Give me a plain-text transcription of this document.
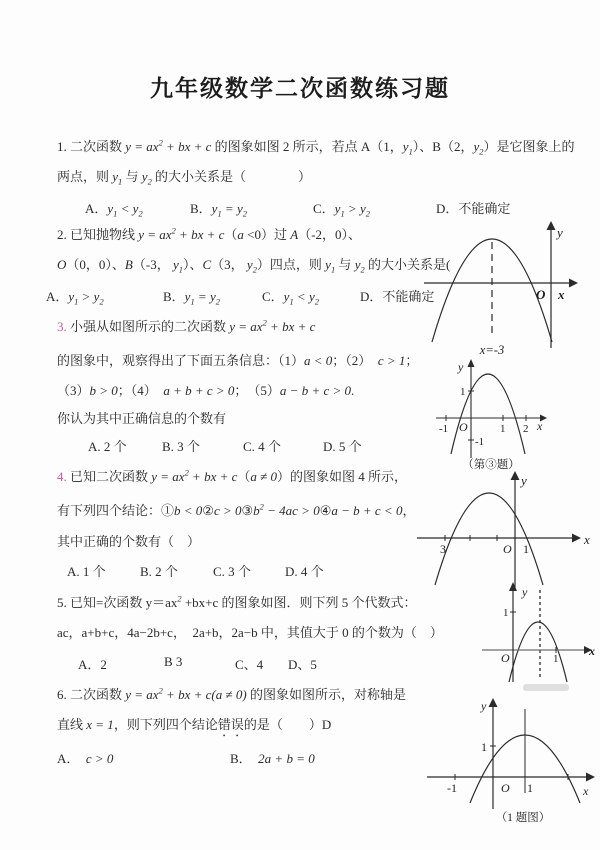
九年级数学二次函数练习题
1. 二次函数 $y = ax^2$ + bx + c 的图象如图 2 所示，若点 A（1，$y_1$）、B（2，$y_2$）是它图象上的
两点，则 $y_1$ 与 $y_2$ 的大小关系是（　　　　）
A．$y_1 < y_2$	B．$y_1 = y_2$	C．$y_1 > y_2$	D．不能确定
2. 已知抛物线 $y = ax^2$ + bx + c（a <0）过 A（-2，0）、
O（0，0）、B（-3， $y_1$）、C（3， $y_2$）四点，则 $y_1$ 与 $y_2$ 的大小关系是(
A．$y_1 > y_2$	B．$y_1 = y_2$	C．$y_1 < y_2$	D．不能确定
3. 小强从如图所示的二次函数 $y = ax^2$ + bx + c
的图象中，观察得出了下面五条信息：（1）a < 0；（2）　c > 1；
（3）b > 0；（4）　a + b + c > 0；　（5）a − b + c > 0.
你认为其中正确信息的个数有
A. 2 个	B. 3 个	C. 4 个	D. 5 个
4. 已知二次函数 $y = ax^2$ + bx + c（a ≠ 0）的图象如图 4 所示，
有下列四个结论：①b < 0②c > $0③b^2 - 4ac$ > 0④a − b + c < 0，
其中正确的个数有（　）
A. 1 个	B. 2 个	C. 3 个	D. 4 个
5. 已知=次函数 $y=ax^2 +bx+c$ 的图象如图．则下列 5 个代数式：
ac，a+b+c，4a−2b+c，　2a+b，2a−b 中，其值大于 0 的个数为（　）
A．2	B 3	C、4 D、5
6. 二次函数 $y = ax^2$ + bx + c(a ≠ 0) 的图象如图所示，对称轴是
直线 x = 1，则下列四个结论错误的是（　　）D
A．　c > 0	B．　2a + b = 0
y
O x
x=-3
y
O
-1	1 2 x
1
-1
（第③题）
y
3	O 1
x
y
1
O	1
x
y
1
-1	O 1	x
（1 题图）
